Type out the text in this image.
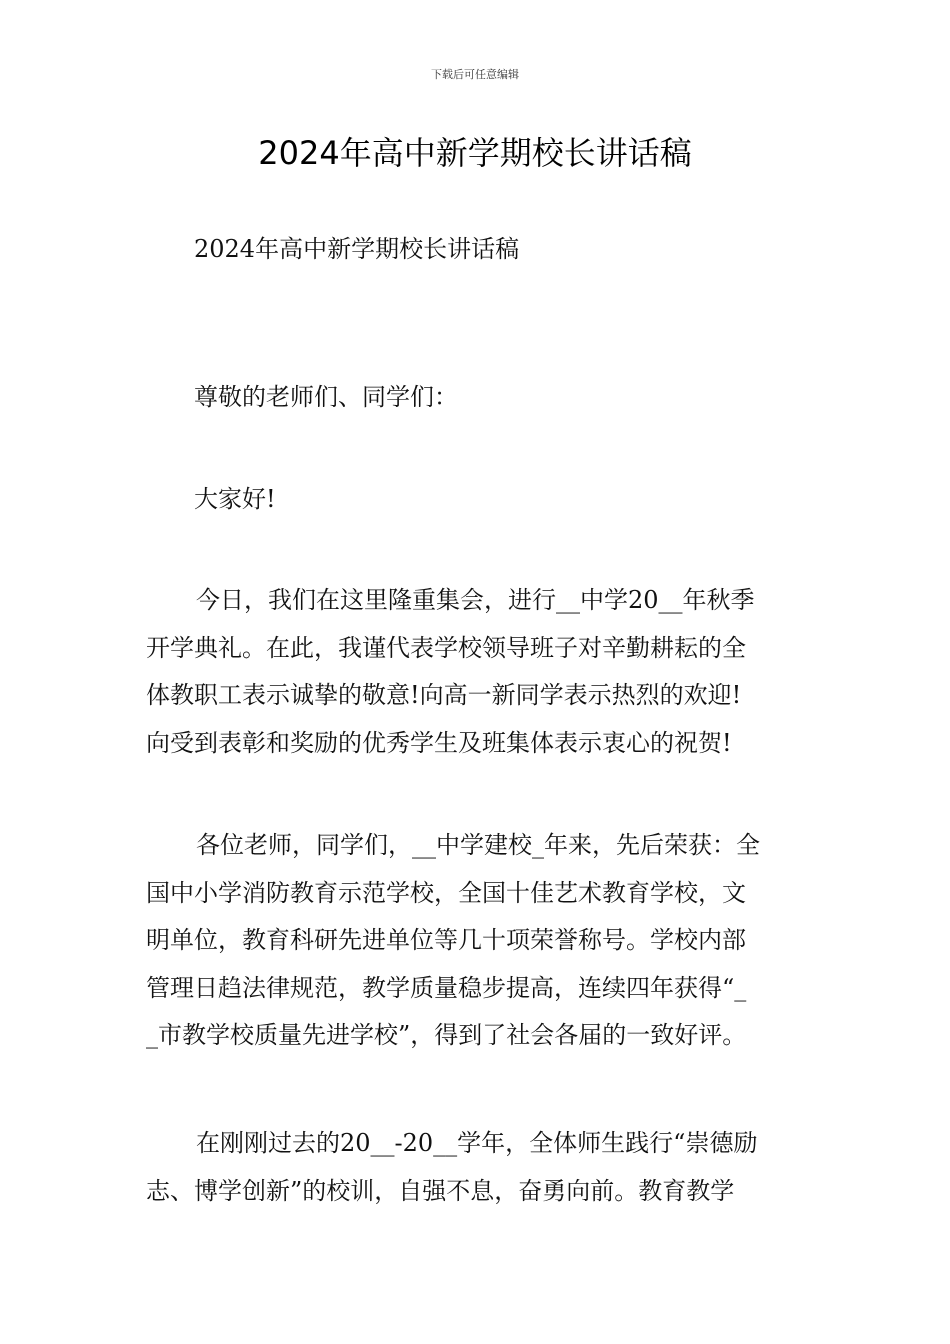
下载后可任意编辑
2024年高中新学期校长讲话稿

2024年高中新学期校长讲话稿

尊敬的老师们、同学们：

大家好!

今日，我们在这里隆重集会，进行__中学20__年秋季
开学典礼。在此，我谨代表学校领导班子对辛勤耕耘的全
体教职工表示诚挚的敬意!向高一新同学表示热烈的欢迎!
向受到表彰和奖励的优秀学生及班集体表示衷心的祝贺!
各位老师，同学们，__中学建校_年来，先后荣获：全
国中小学消防教育示范学校，全国十佳艺术教育学校，文
明单位，教育科研先进单位等几十项荣誉称号。学校内部
管理日趋法律规范，教学质量稳步提高，连续四年获得“_
_市教学校质量先进学校”，得到了社会各届的一致好评。
在刚刚过去的20__-20__学年，全体师生践行“崇德励
志、博学创新”的校训，自强不息，奋勇向前。教育教学
